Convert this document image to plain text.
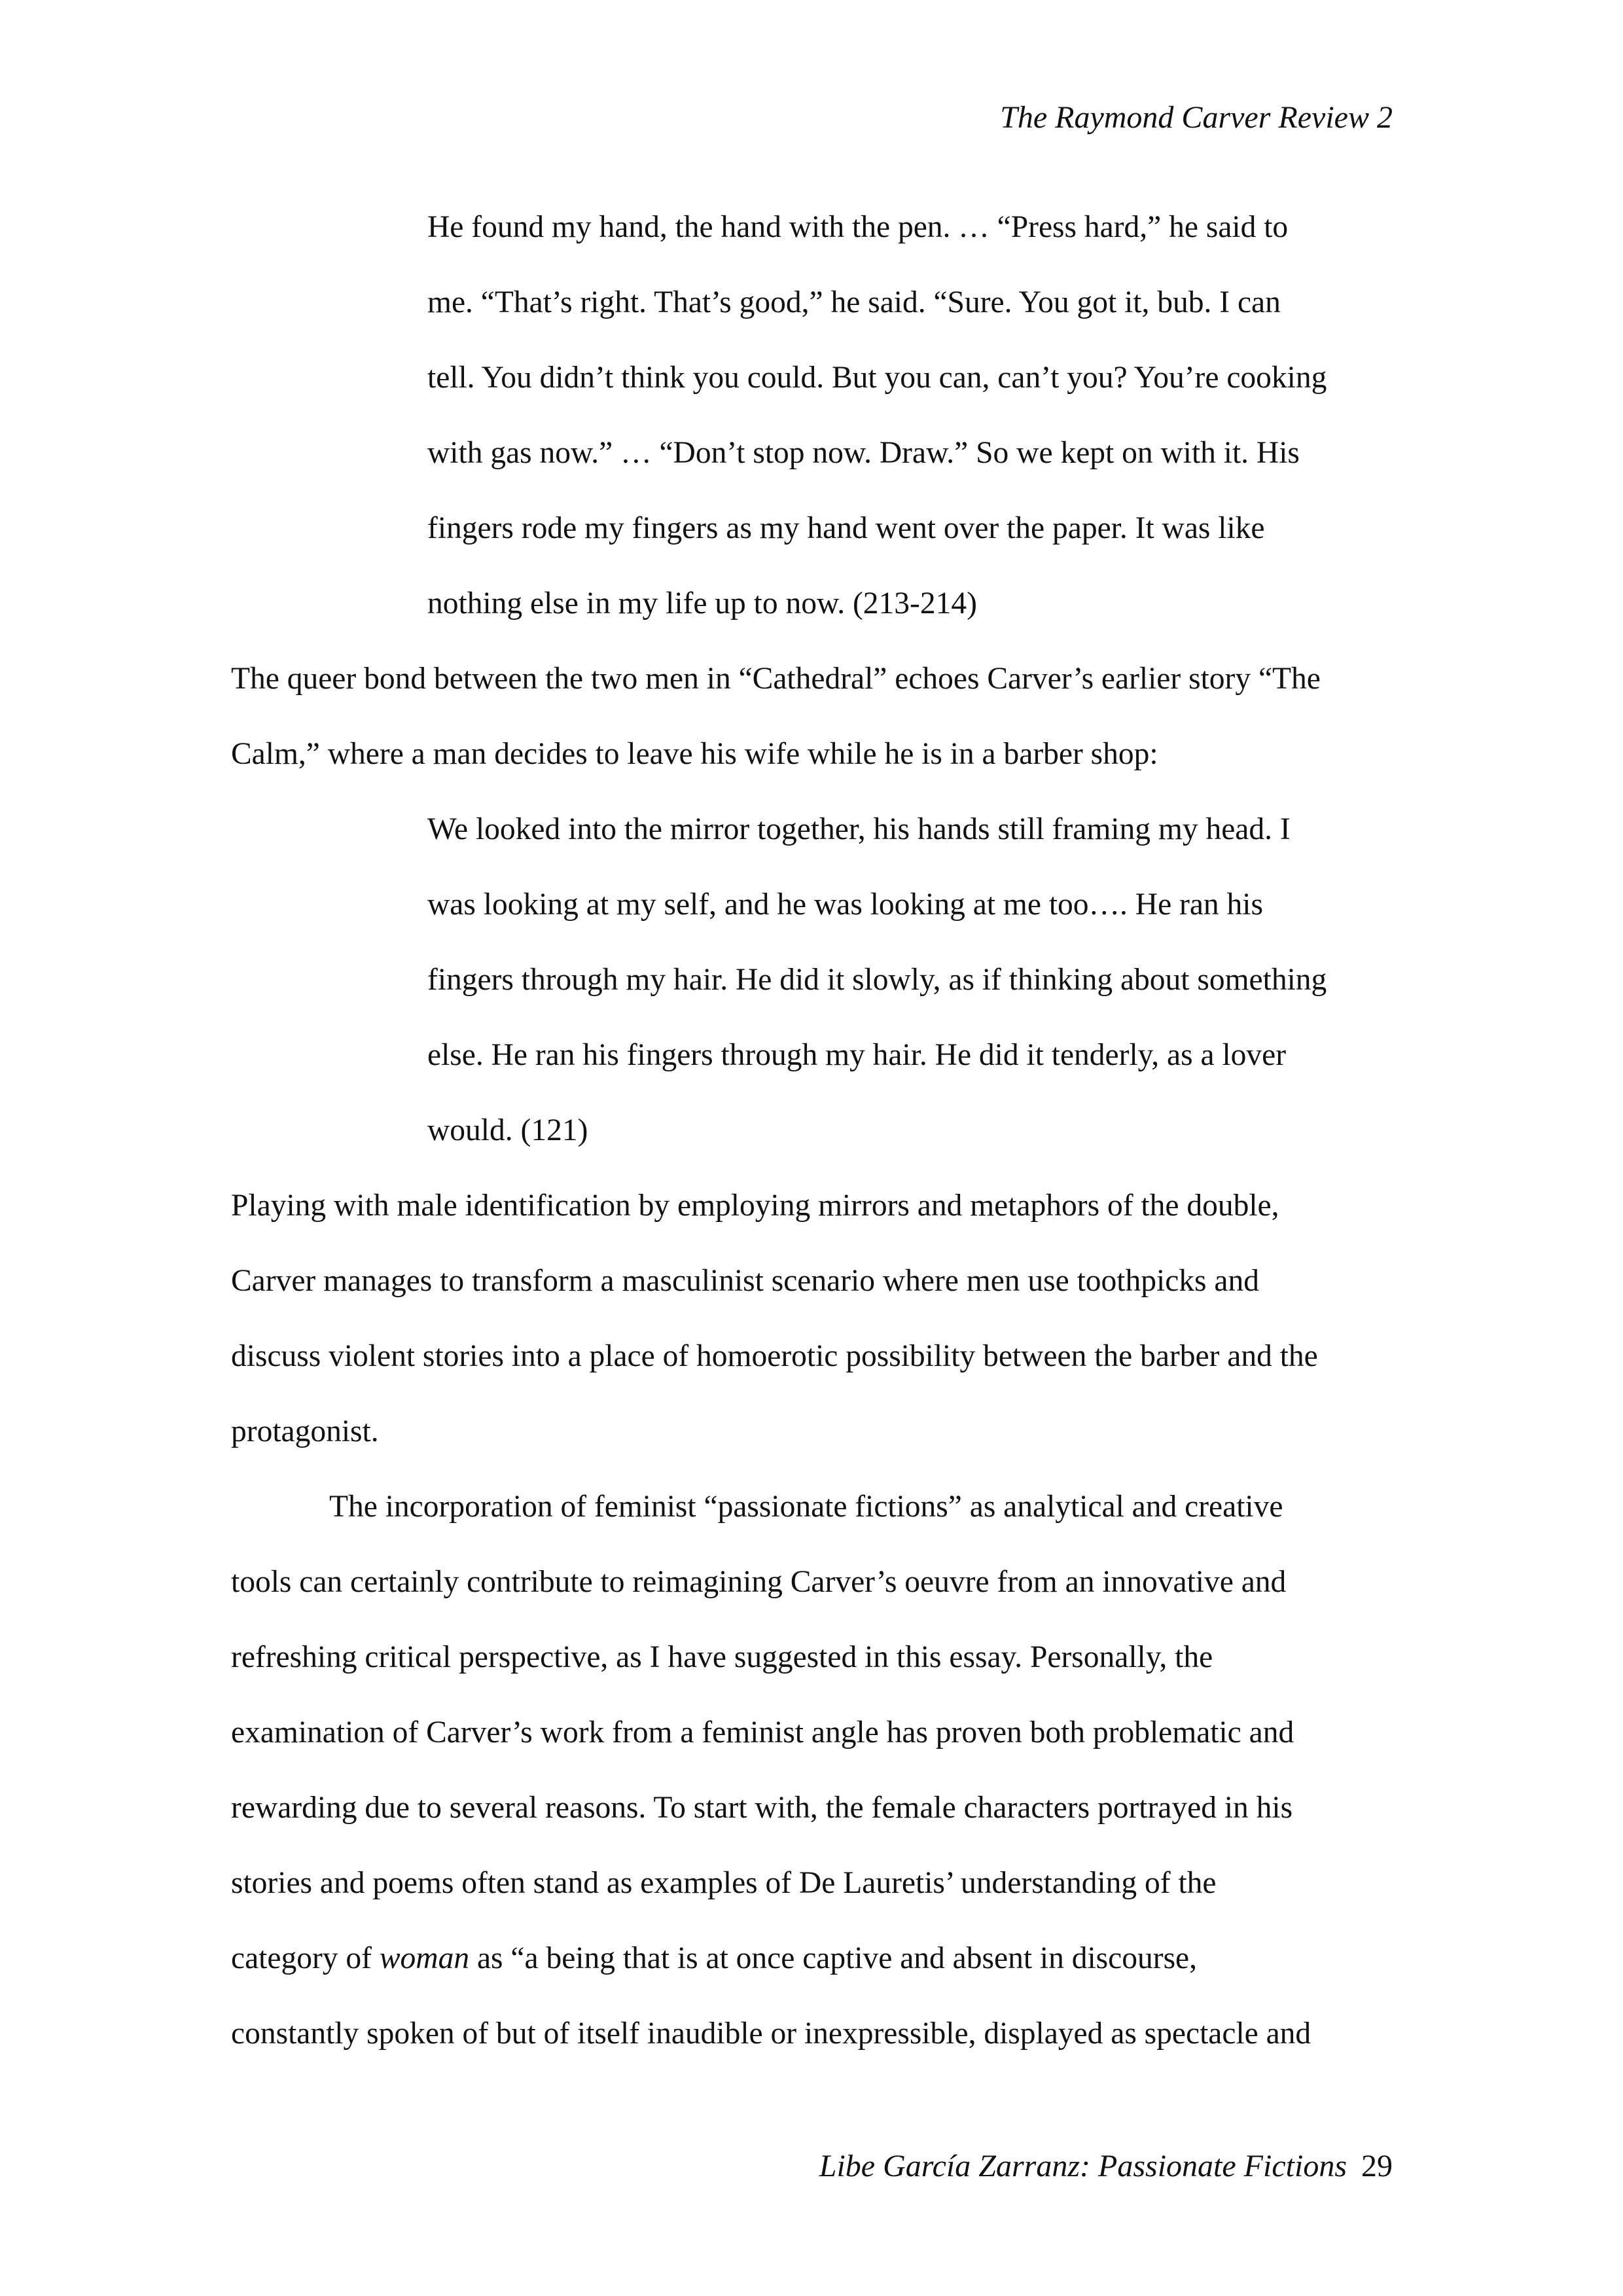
The Raymond Carver Review 2
He found my hand, the hand with the pen. … “Press hard,” he said to
me. “That’s right. That’s good,” he said. “Sure. You got it, bub. I can
tell. You didn’t think you could. But you can, can’t you? You’re cooking
with gas now.” … “Don’t stop now. Draw.” So we kept on with it. His
fingers rode my fingers as my hand went over the paper. It was like
nothing else in my life up to now. (213-214)
The queer bond between the two men in “Cathedral” echoes Carver’s earlier story “The
Calm,” where a man decides to leave his wife while he is in a barber shop:
We looked into the mirror together, his hands still framing my head. I
was looking at my self, and he was looking at me too…. He ran his
fingers through my hair. He did it slowly, as if thinking about something
else. He ran his fingers through my hair. He did it tenderly, as a lover
would. (121)
Playing with male identification by employing mirrors and metaphors of the double,
Carver manages to transform a masculinist scenario where men use toothpicks and
discuss violent stories into a place of homoerotic possibility between the barber and the
protagonist.
The incorporation of feminist “passionate fictions” as analytical and creative
tools can certainly contribute to reimagining Carver’s oeuvre from an innovative and
refreshing critical perspective, as I have suggested in this essay. Personally, the
examination of Carver’s work from a feminist angle has proven both problematic and
rewarding due to several reasons. To start with, the female characters portrayed in his
stories and poems often stand as examples of De Lauretis’ understanding of the
category of woman as “a being that is at once captive and absent in discourse,
constantly spoken of but of itself inaudible or inexpressible, displayed as spectacle and
Libe García Zarranz: Passionate Fictions 29
